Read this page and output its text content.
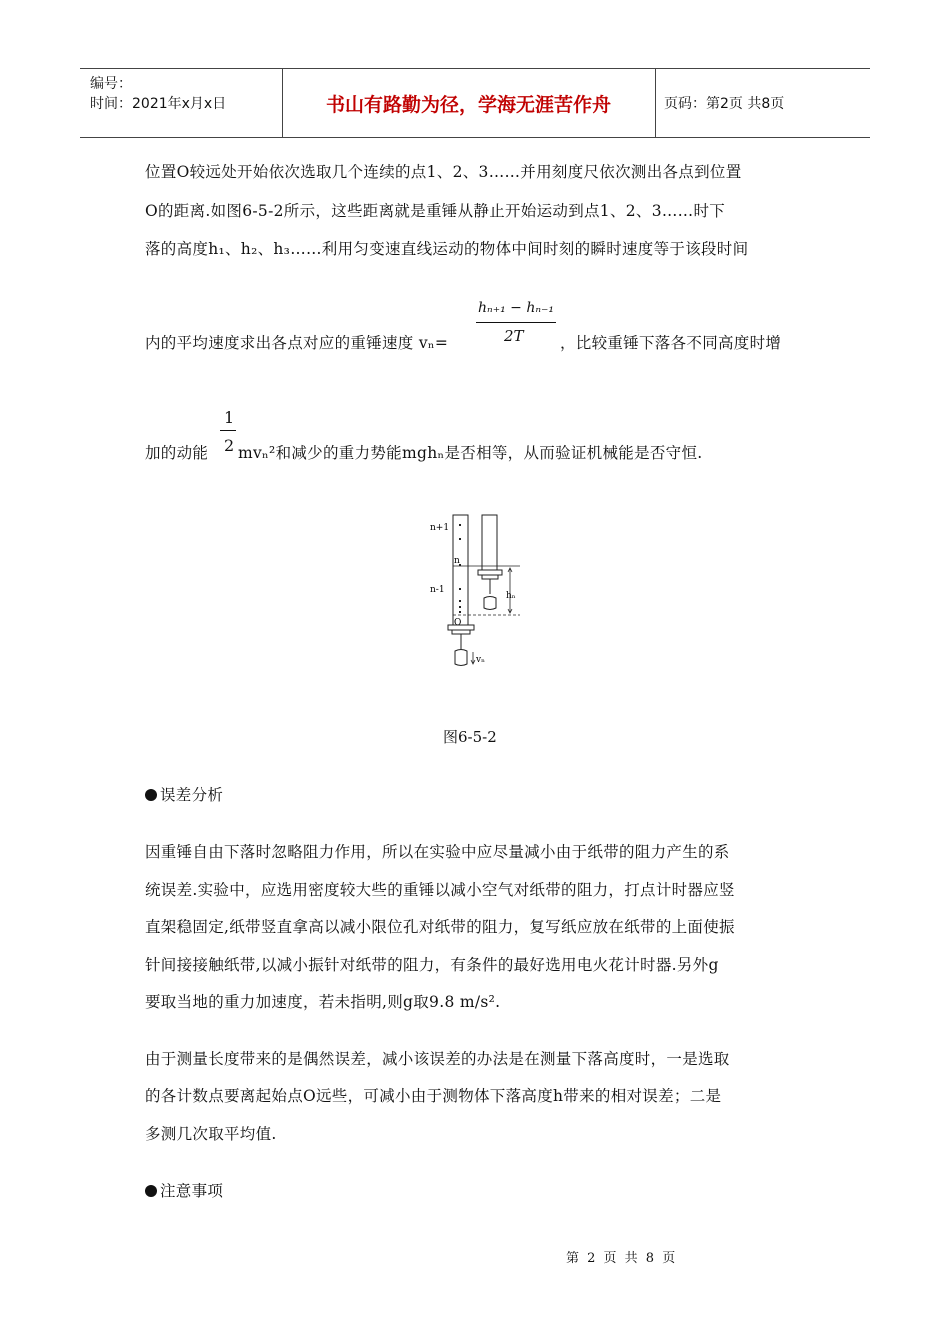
编号：
时间：2021年x月x日	书山有路勤为径，学海无涯苦作舟	页码：第2页 共8页
位置O较远处开始依次选取几个连续的点1、2、3……并用刻度尺依次测出各点到位置
O的距离.如图6-5-2所示，这些距离就是重锤从静止开始运动到点1、2、3……时下
落的高度h₁、h₂、h₃……利用匀变速直线运动的物体中间时刻的瞬时速度等于该段时间
hₙ₊₁ − hₙ₋₁
2T
内的平均速度求出各点对应的重锤速度 vₙ=	，比较重锤下落各不同高度时增
1
2
加的动能 mvₙ²和减少的重力势能mghₙ是否相等，从而验证机械能是否守恒.
n+1
n
n-1
O
hₙ
vₙ
图6-5-2
误差分析
因重锤自由下落时忽略阻力作用，所以在实验中应尽量减小由于纸带的阻力产生的系
统误差.实验中，应选用密度较大些的重锤以减小空气对纸带的阻力，打点计时器应竖
直架稳固定,纸带竖直拿高以减小限位孔对纸带的阻力，复写纸应放在纸带的上面使振
针间接接触纸带,以减小振针对纸带的阻力，有条件的最好选用电火花计时器.另外g
要取当地的重力加速度，若未指明,则g取9.8 m/s².
由于测量长度带来的是偶然误差，减小该误差的办法是在测量下落高度时，一是选取
的各计数点要离起始点O远些，可减小由于测物体下落高度h带来的相对误差；二是
多测几次取平均值.
注意事项
第 2 页 共 8 页
